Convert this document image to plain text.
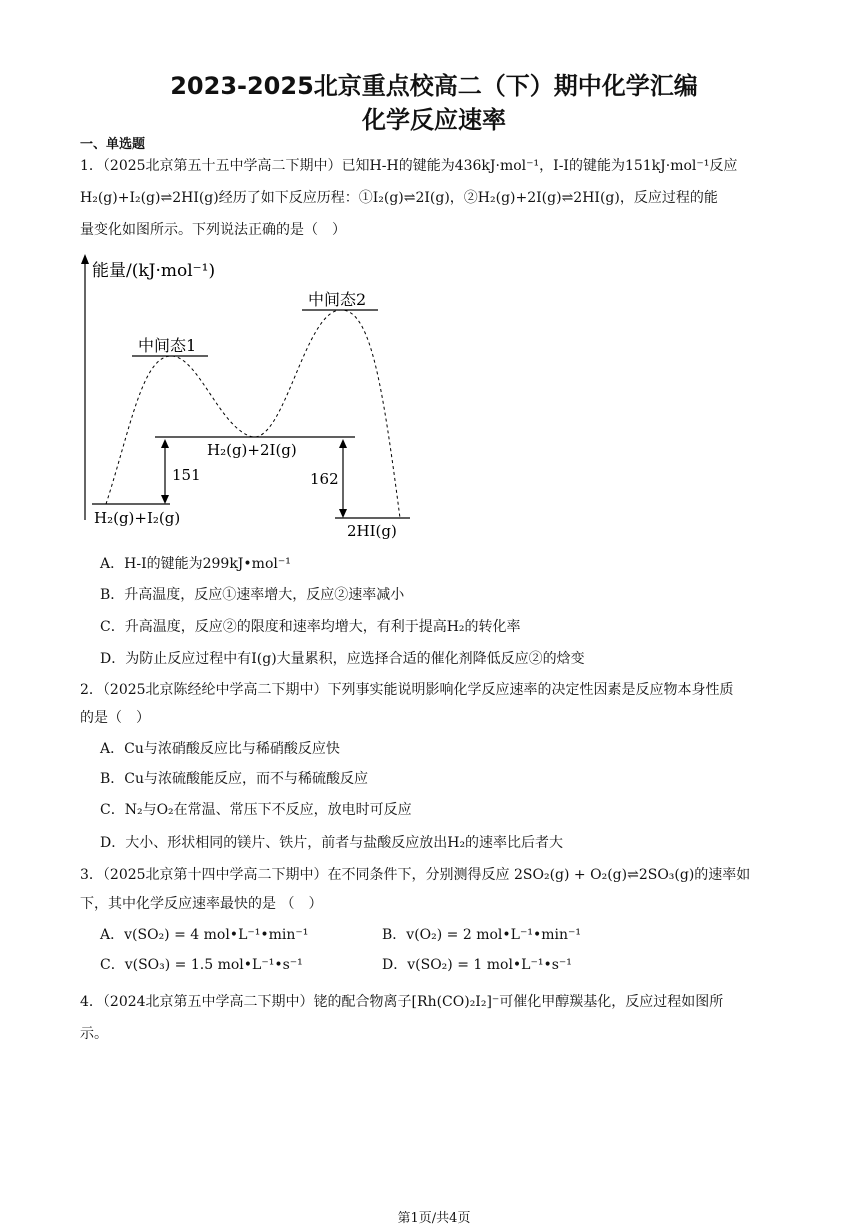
2023-2025北京重点校高二（下）期中化学汇编
化学反应速率
一、单选题
1．（2025北京第五十五中学高二下期中）已知H-H的键能为436kJ·mol⁻¹，I-I的键能为151kJ·mol⁻¹反应
H₂(g)+I₂(g)⇌2HI(g)经历了如下反应历程：①I₂(g)⇌2I(g)，②H₂(g)+2I(g)⇌2HI(g)，反应过程的能
量变化如图所示。下列说法正确的是（　）
能量/(kJ·mol⁻¹)
中间态1
中间态2
H₂(g)+2I(g)
H₂(g)+I₂(g)
2HI(g)
151	162
A．H-I的键能为299kJ•mol⁻¹
B．升高温度，反应①速率增大，反应②速率减小
C．升高温度，反应②的限度和速率均增大，有利于提高H₂的转化率
D．为防止反应过程中有I(g)大量累积，应选择合适的催化剂降低反应②的焓变
2．（2025北京陈经纶中学高二下期中）下列事实能说明影响化学反应速率的决定性因素是反应物本身性质
的是（　）
A．Cu与浓硝酸反应比与稀硝酸反应快
B．Cu与浓硫酸能反应，而不与稀硫酸反应
C．N₂与O₂在常温、常压下不反应，放电时可反应
D．大小、形状相同的镁片、铁片，前者与盐酸反应放出H₂的速率比后者大
3．（2025北京第十四中学高二下期中）在不同条件下，分别测得反应 2SO₂(g) + O₂(g)⇌2SO₃(g)的速率如
下，其中化学反应速率最快的是 （　）
A．v(SO₂) = 4 mol•L⁻¹•min⁻¹	B．v(O₂) = 2 mol•L⁻¹•min⁻¹
C．v(SO₃) = 1.5 mol•L⁻¹•s⁻¹	D．v(SO₂) = 1 mol•L⁻¹•s⁻¹
4．（2024北京第五中学高二下期中）铑的配合物离子[Rh(CO)₂I₂]⁻可催化甲醇羰基化，反应过程如图所
示。
第1页/共4页
